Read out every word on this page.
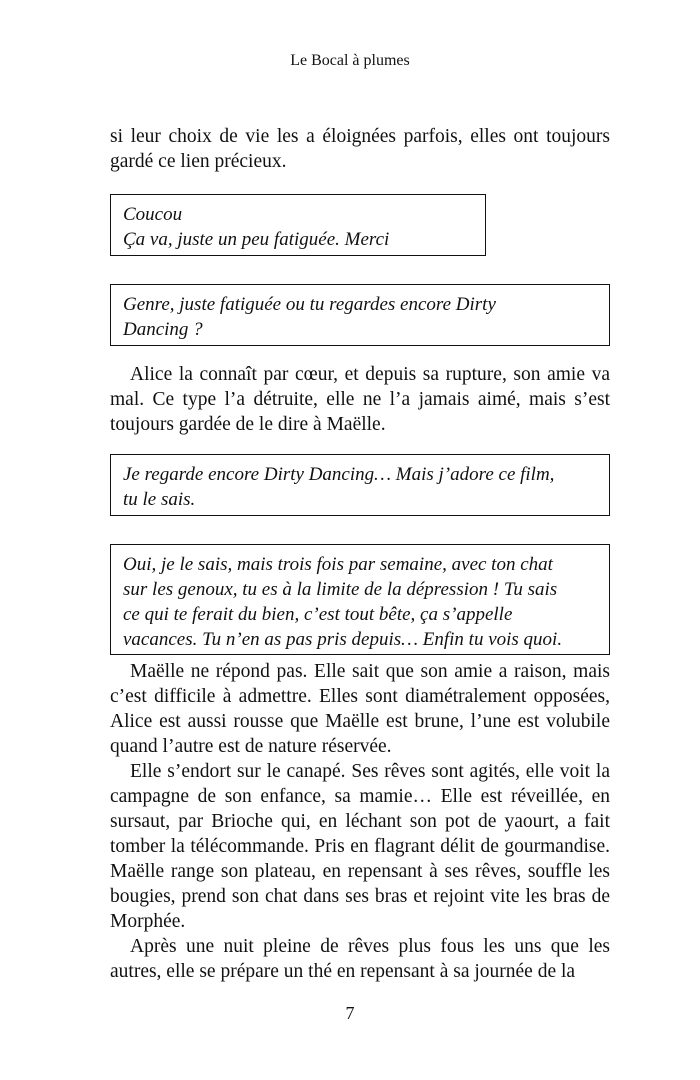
Le Bocal à plumes

si leur choix de vie les a éloignées parfois, elles ont toujours gardé ce lien précieux.

Coucou
Ça va, juste un peu fatiguée. Merci
Genre, juste fatiguée ou tu regardes encore Dirty
Dancing ?

Alice la connaît par cœur, et depuis sa rupture, son amie va mal. Ce type l’a détruite, elle ne l’a jamais aimé, mais s’est toujours gardée de le dire à Maëlle.

Je regarde encore Dirty Dancing… Mais j’adore ce film,
tu le sais.
Oui, je le sais, mais trois fois par semaine, avec ton chat
sur les genoux, tu es à la limite de la dépression ! Tu sais
ce qui te ferait du bien, c’est tout bête, ça s’appelle
vacances. Tu n’en as pas pris depuis… Enfin tu vois quoi.

Maëlle ne répond pas. Elle sait que son amie a raison, mais c’est difficile à admettre. Elles sont diamétralement opposées, Alice est aussi rousse que Maëlle est brune, l’une est volubile quand l’autre est de nature réservée.

Elle s’endort sur le canapé. Ses rêves sont agités, elle voit la campagne de son enfance, sa mamie… Elle est réveillée, en sursaut, par Brioche qui, en léchant son pot de yaourt, a fait tomber la télécommande. Pris en flagrant délit de gourmandise. Maëlle range son plateau, en repensant à ses rêves, souffle les bougies, prend son chat dans ses bras et rejoint vite les bras de Morphée.

Après une nuit pleine de rêves plus fous les uns que les autres, elle se prépare un thé en repensant à sa journée de la

7
